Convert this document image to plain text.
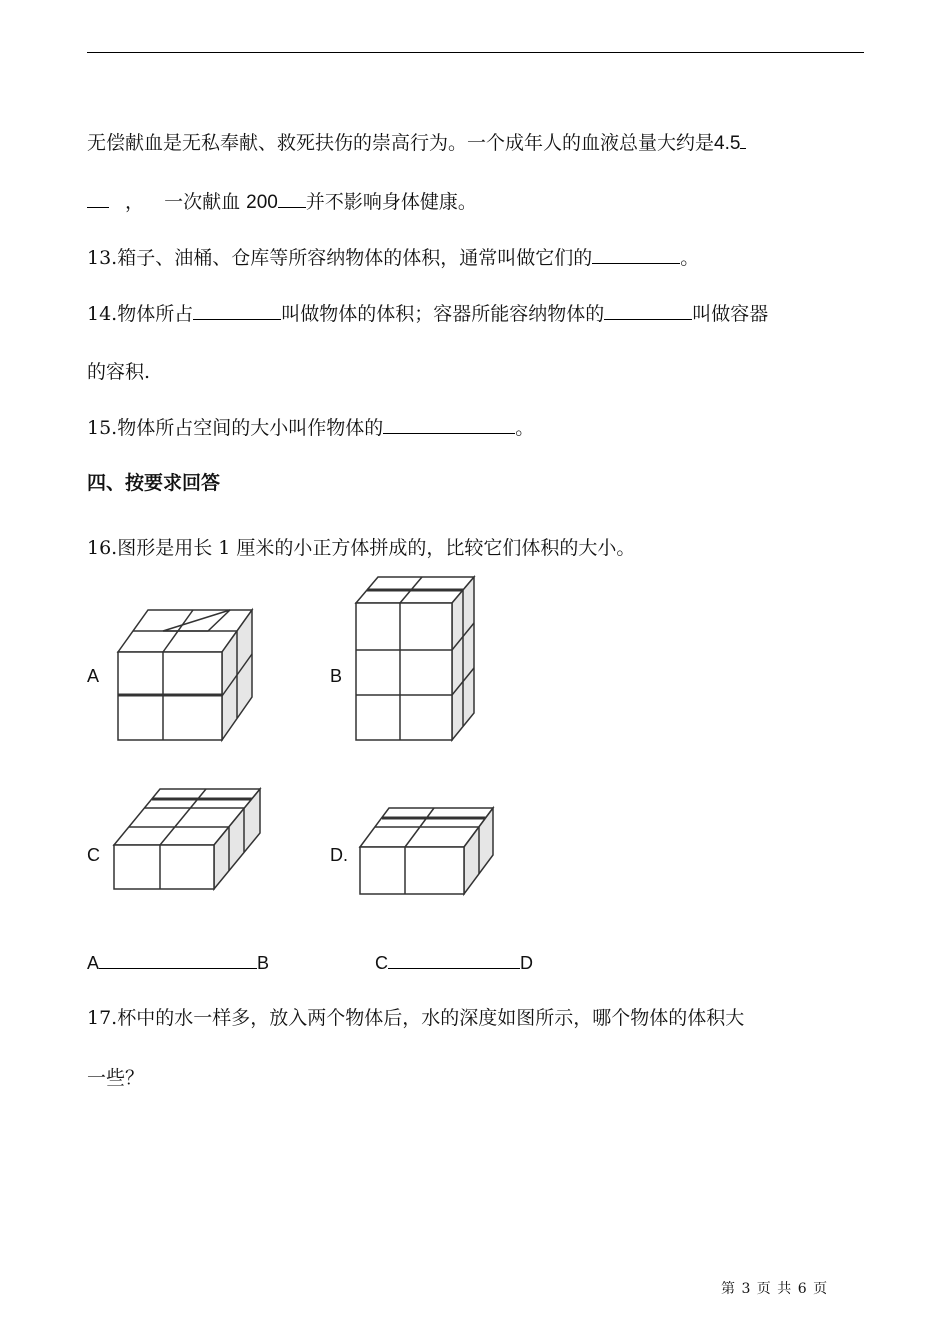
无偿献血是无私奉献、救死扶伤的崇高行为。一个成年人的血液总量大约是4.5
， 一次献血 200 并不影响身体健康。
13.箱子、油桶、仓库等所容纳物体的体积，通常叫做它们的	。
14.物体所占	叫做物体的体积；容器所能容纳物体的	叫做容器
的容积.
15.物体所占空间的大小叫作物体的	。
四、按要求回答
16.图形是用长 1 厘米的小正方体拼成的，比较它们体积的大小。
A	B
C	D.
A	B	C	D
17.杯中的水一样多，放入两个物体后，水的深度如图所示，哪个物体的体积大
一些？
第 3 页 共 6 页
